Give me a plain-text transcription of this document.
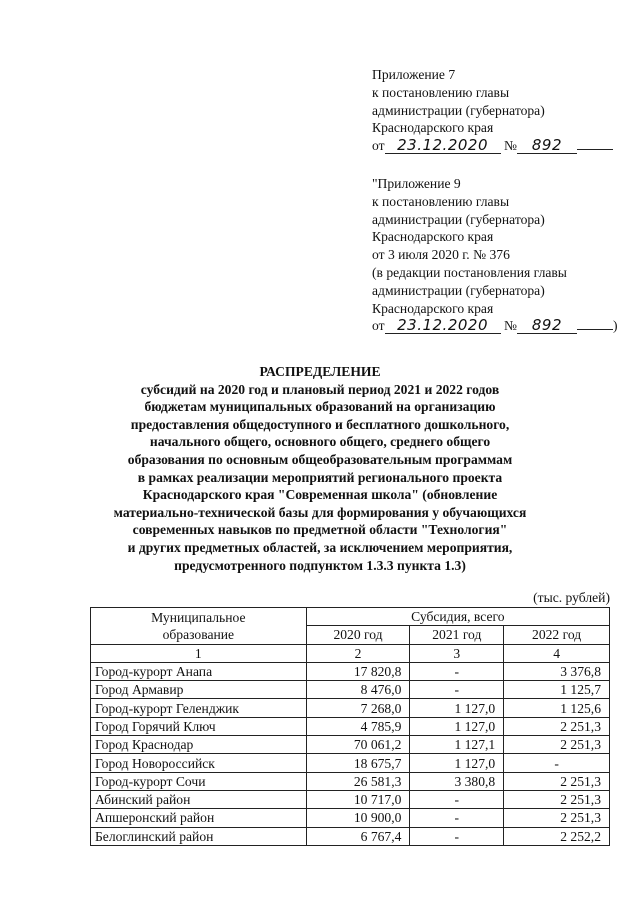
Приложение 7
к постановлению главы
администрации (губернатора)
Краснодарского края
от 23.12.2020 № 892
"Приложение 9
к постановлению главы
администрации (губернатора)
Краснодарского края
от 3 июля 2020 г. № 376
(в редакции постановления главы
администрации (губернатора)
Краснодарского края
от 23.12.2020 № 892	)
РАСПРЕДЕЛЕНИЕ
субсидий на 2020 год и плановый период 2021 и 2022 годов
бюджетам муниципальных образований на организацию
предоставления общедоступного и бесплатного дошкольного,
начального общего, основного общего, среднего общего
образования по основным общеобразовательным программам
в рамках реализации мероприятий регионального проекта
Краснодарского края "Современная школа" (обновление
материально-технической базы для формирования у обучающихся
современных навыков по предметной области "Технология"
и других предметных областей, за исключением мероприятия,
предусмотренного подпунктом 1.3.3 пункта 1.3)
(тыс. рублей)
Муниципальное
образование	Субсидия, всего		
	2020 год	2021 год	2022 год
1	2	3	4
Город-курорт Анапа	17 820,8	-	3 376,8
Город Армавир	8 476,0	-	1 125,7
Город-курорт Геленджик	7 268,0	1 127,0	1 125,6
Город Горячий Ключ	4 785,9	1 127,0	2 251,3
Город Краснодар	70 061,2	1 127,1	2 251,3
Город Новороссийск	18 675,7	1 127,0	-
Город-курорт Сочи	26 581,3	3 380,8	2 251,3
Абинский район	10 717,0	-	2 251,3
Апшеронский район	10 900,0	-	2 251,3
Белоглинский район	6 767,4	-	2 252,2
